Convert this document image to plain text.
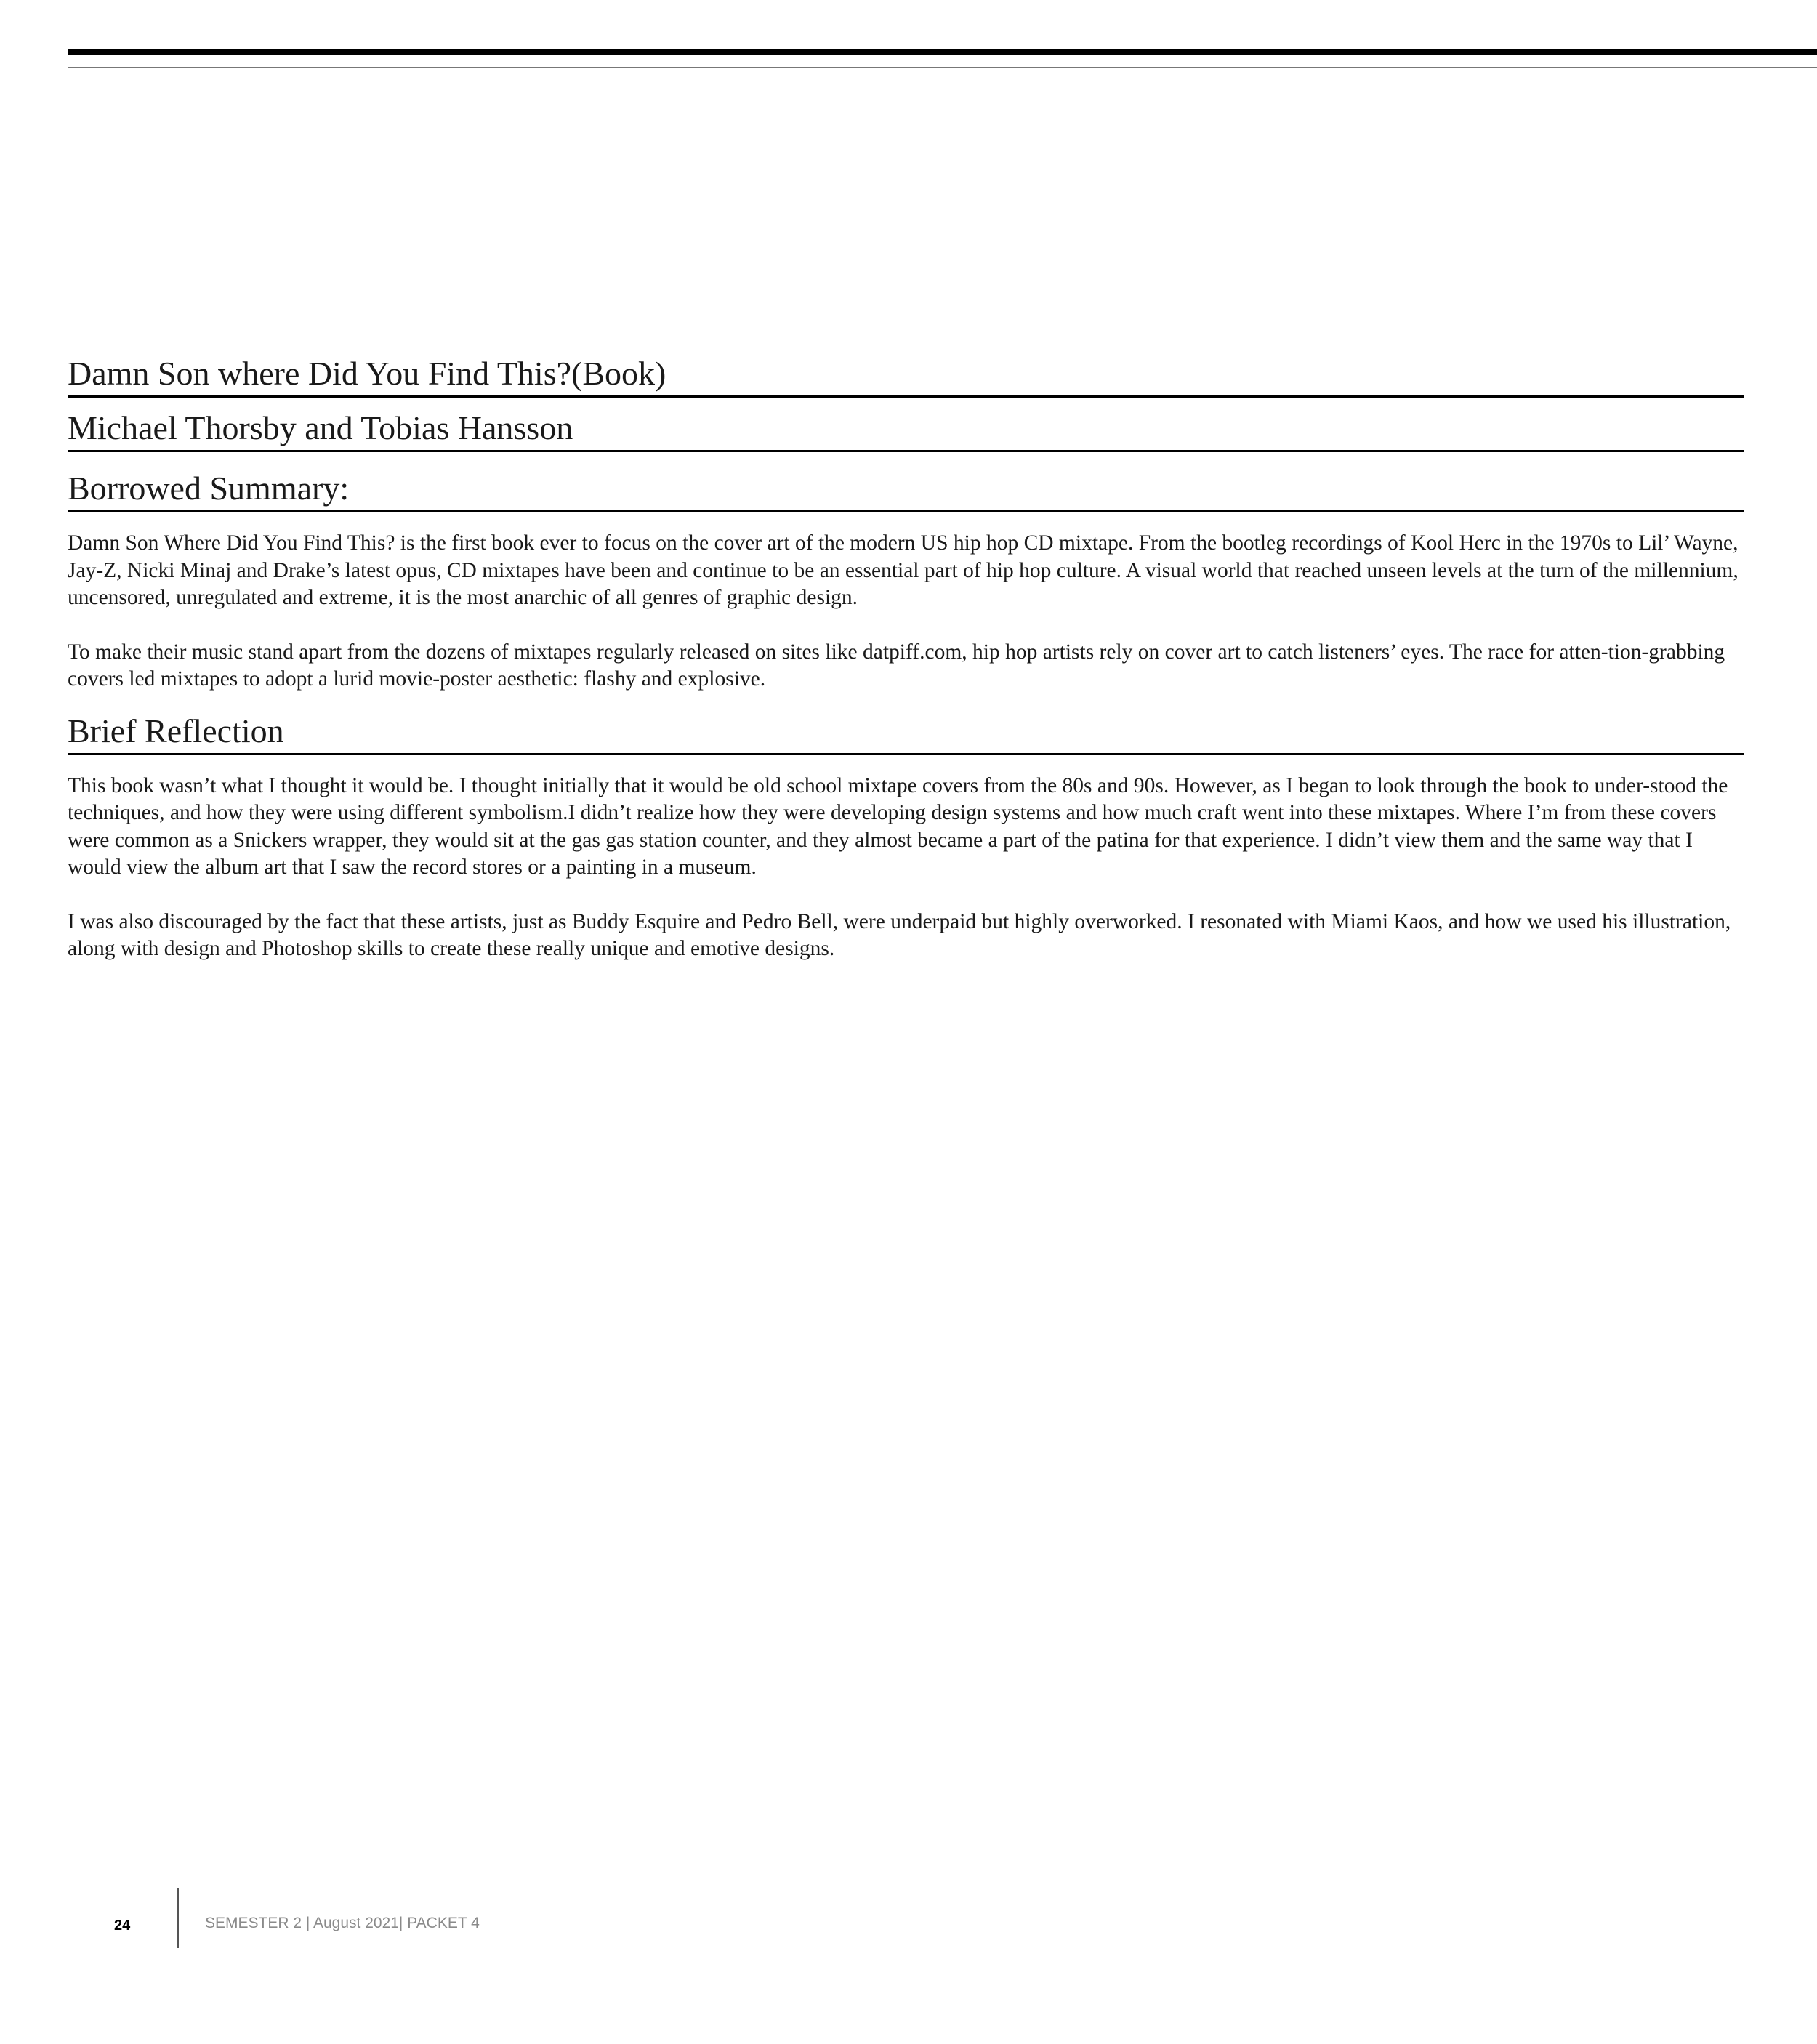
Damn Son where Did You Find This?(Book)
Michael Thorsby and Tobias Hansson
Borrowed Summary:

Damn Son Where Did You Find This? is the first book ever to focus on the cover art of the modern US hip hop CD mixtape. From the bootleg recordings of Kool Herc in the 1970s to Lil’ Wayne, Jay-Z, Nicki Minaj and Drake’s latest opus, CD mixtapes have been and continue to be an essential part of hip hop culture. A visual world that reached unseen levels at the turn of the millennium, uncensored, unregulated and extreme, it is the most anarchic of all genres of graphic design.

To make their music stand apart from the dozens of mixtapes regularly released on sites like datpiff.com, hip hop artists rely on cover art to catch listeners’ eyes. The race for atten-tion-grabbing covers led mixtapes to adopt a lurid movie-poster aesthetic: flashy and explosive.

Brief Reflection

This book wasn’t what I thought it would be. I thought initially that it would be old school mixtape covers from the 80s and 90s. However, as I began to look through the book to under-stood the techniques, and how they were using different symbolism.I didn’t realize how they were developing design systems and how much craft went into these mixtapes. Where I’m from these covers were common as a Snickers wrapper, they would sit at the gas gas station counter, and they almost became a part of the patina for that experience. I didn’t view them and the same way that I would view the album art that I saw the record stores or a painting in a museum.

I was also discouraged by the fact that these artists, just as Buddy Esquire and Pedro Bell, were underpaid but highly overworked. I resonated with Miami Kaos, and how we used his illustration, along with design and Photoshop skills to create these really unique and emotive designs.

24	SEMESTER 2 | August 2021| PACKET 4
